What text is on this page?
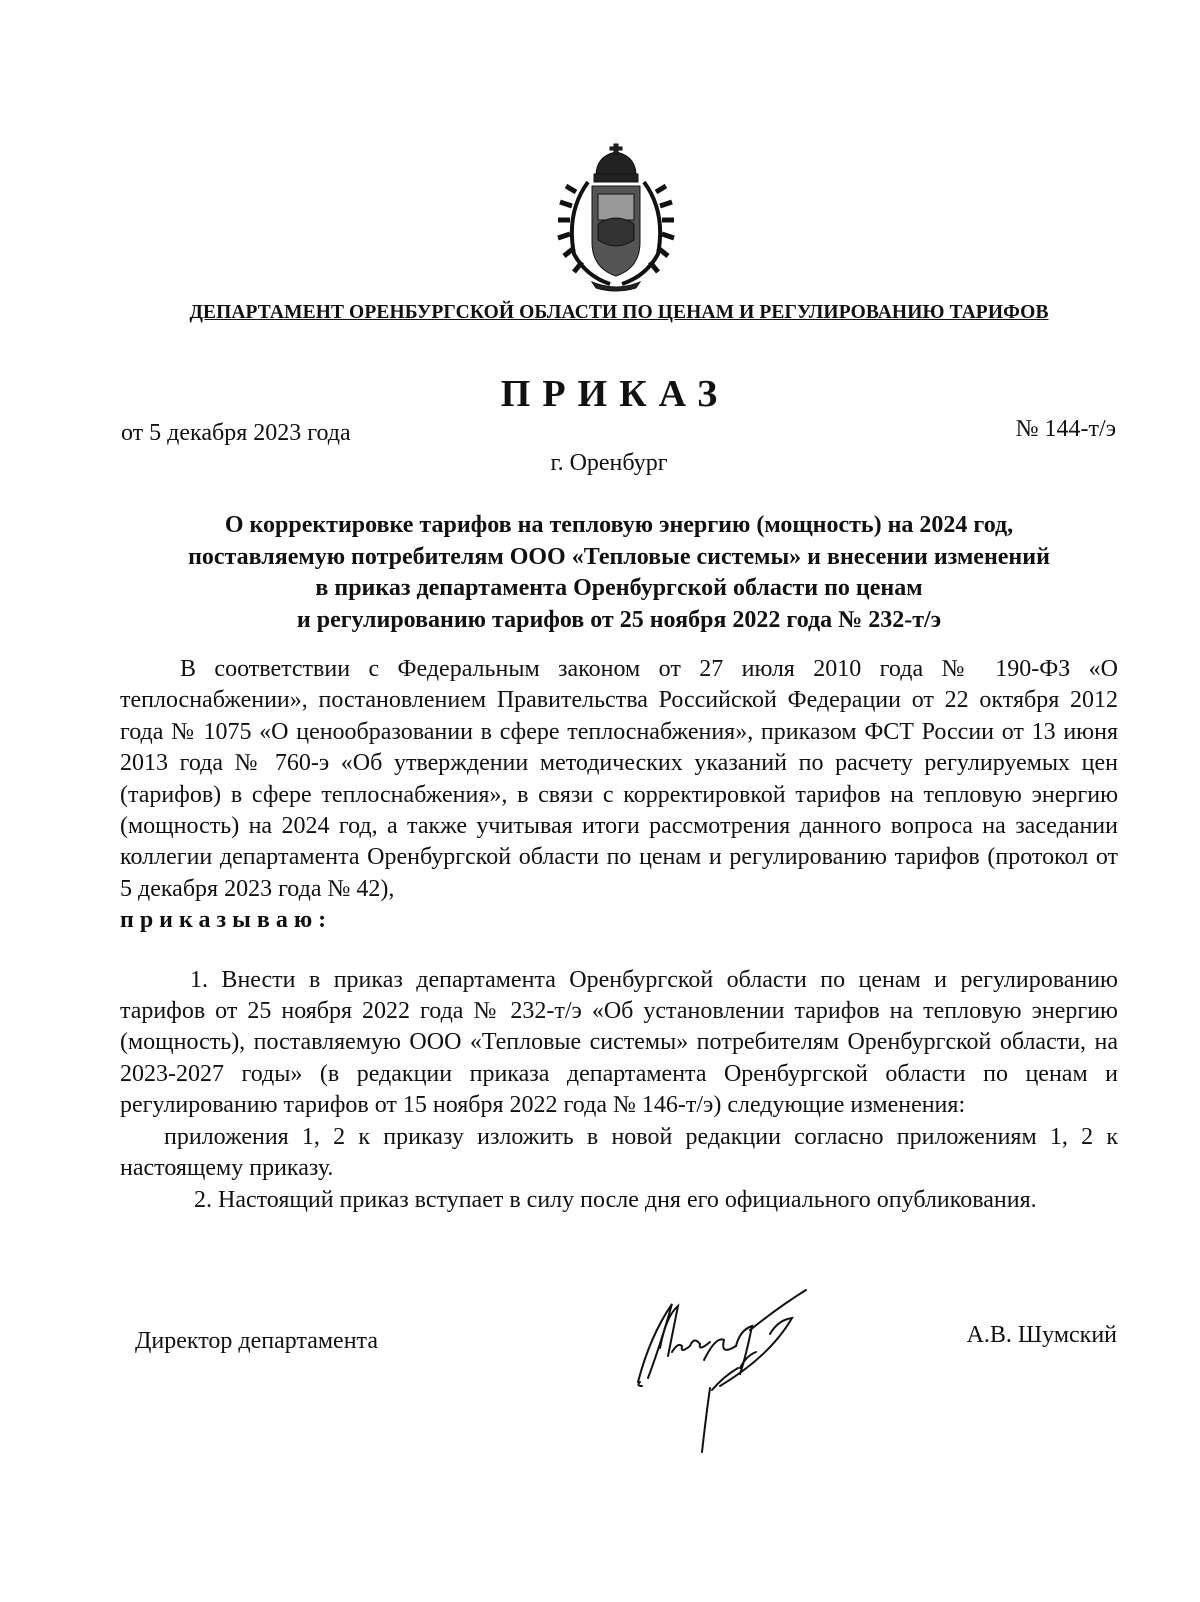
ДЕПАРТАМЕНТ ОРЕНБУРГСКОЙ ОБЛАСТИ ПО ЦЕНАМ И РЕГУЛИРОВАНИЮ ТАРИФОВ
ПРИКАЗ
от 5 декабря 2023 года	№ 144-т/э
г. Оренбург
О корректировке тарифов на тепловую энергию (мощность) на 2024 год,
поставляемую потребителям ООО «Тепловые системы» и внесении изменений
в приказ департамента Оренбургской области по ценам
и регулированию тарифов от 25 ноября 2022 года № 232-т/э

В соответствии с Федеральным законом от 27 июля 2010 года № 190-ФЗ «О теплоснабжении», постановлением Правительства Российской Федерации от 22 октября 2012 года № 1075 «О ценообразовании в сфере теплоснабжения», приказом ФСТ России от 13 июня 2013 года № 760-э «Об утверждении методических указаний по расчету регулируемых цен (тарифов) в сфере теплоснабжения», в связи с корректировкой тарифов на тепловую энергию (мощность) на 2024 год, а также учитывая итоги рассмотрения данного вопроса на заседании коллегии департамента Оренбургской области по ценам и регулированию тарифов (протокол от 5 декабря 2023 года № 42),
приказываю:

1. Внести в приказ департамента Оренбургской области по ценам и регулированию тарифов от 25 ноября 2022 года № 232-т/э «Об установлении тарифов на тепловую энергию (мощность), поставляемую ООО «Тепловые системы» потребителям Оренбургской области, на 2023-2027 годы» (в редакции приказа департамента Оренбургской области по ценам и регулированию тарифов от 15 ноября 2022 года № 146-т/э) следующие изменения:

приложения 1, 2 к приказу изложить в новой редакции согласно приложениям 1, 2 к настоящему приказу.

2. Настоящий приказ вступает в силу после дня его официального опубликования.

Директор департамента	А.В. Шумский
